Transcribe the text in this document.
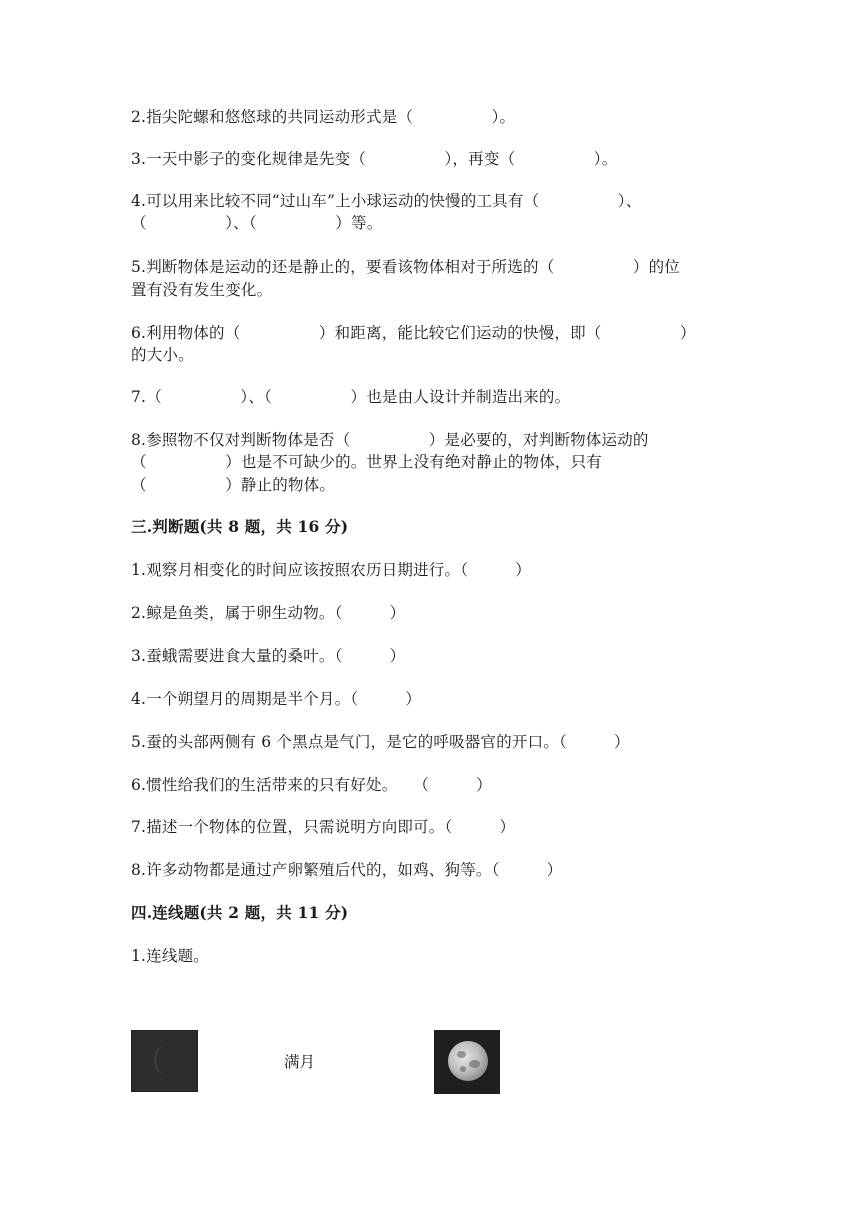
2.指尖陀螺和悠悠球的共同运动形式是（　　　　　）。
3.一天中影子的变化规律是先变（　　　　　），再变（　　　　　）。
4.可以用来比较不同“过山车”上小球运动的快慢的工具有（　　　　　）、
（　　　　　）、（　　　　　）等。
5.判断物体是运动的还是静止的，要看该物体相对于所选的（　　　　　）的位
置有没有发生变化。
6.利用物体的（　　　　　）和距离，能比较它们运动的快慢，即（　　　　　）
的大小。
7.（　　　　　）、（　　　　　）也是由人设计并制造出来的。
8.参照物不仅对判断物体是否（　　　　　）是必要的，对判断物体运动的
（　　　　　）也是不可缺少的。世界上没有绝对静止的物体，只有
（　　　　　）静止的物体。
三.判断题(共 8 题，共 16 分)
1.观察月相变化的时间应该按照农历日期进行。（　　　）
2.鲸是鱼类，属于卵生动物。（　　　）
3.蚕蛾需要进食大量的桑叶。（　　　）
4.一个朔望月的周期是半个月。（　　　）
5.蚕的头部两侧有 6 个黑点是气门，是它的呼吸器官的开口。（　　　）
6.惯性给我们的生活带来的只有好处。　　（　　　）
7.描述一个物体的位置，只需说明方向即可。（　　　）
8.许多动物都是通过产卵繁殖后代的，如鸡、狗等。（　　　）
四.连线题(共 2 题，共 11 分)
1.连线题。
满月
